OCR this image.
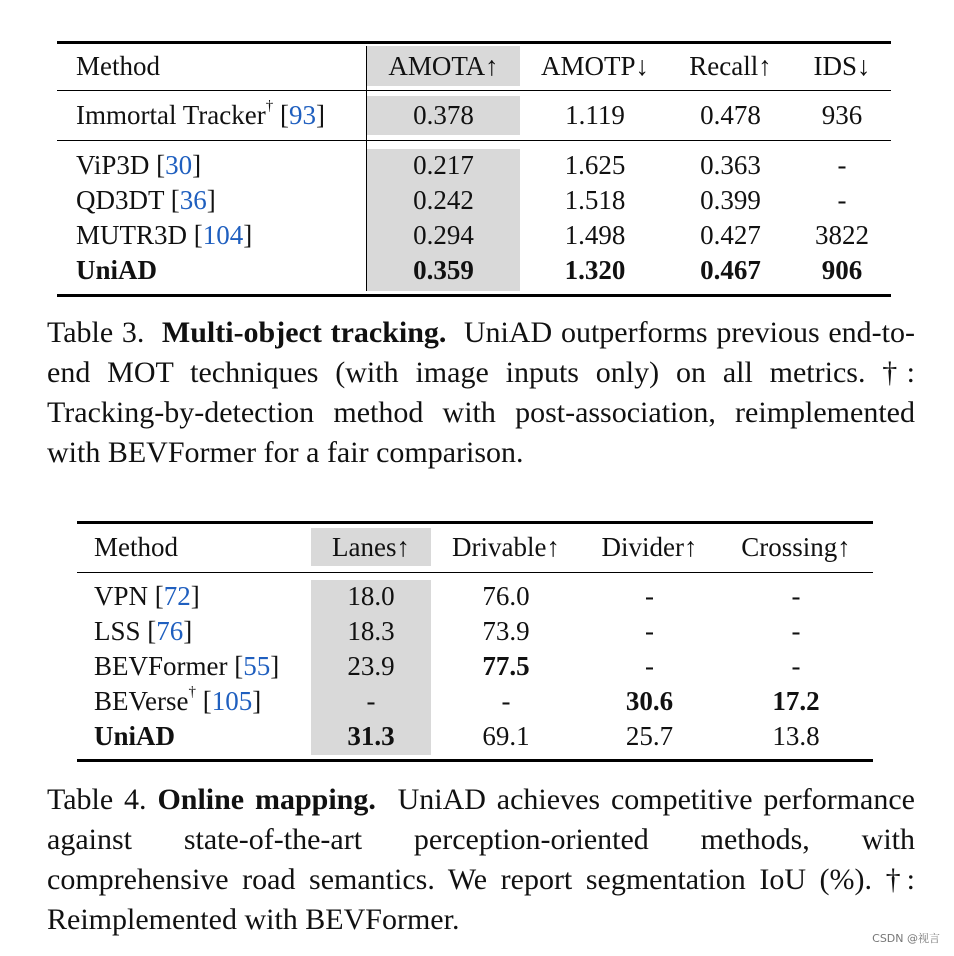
Method	AMOTA↑	AMOTP↓	Recall↑	IDS↓
Immortal Tracker† [93]	0.378	1.119	0.478	936
ViP3D [30]	0.217	1.625	0.363	-
QD3DT [36]	0.242	1.518	0.399	-
MUTR3D [104]	0.294	1.498	0.427	3822
UniAD	0.359	1.320	0.467	906
Table 3. Multi-object tracking. UniAD outperforms previous end-to-end MOT techniques (with image inputs only) on all metrics. †: Tracking-by-detection method with post-association, reimplemented with BEVFormer for a fair comparison.
Method	Lanes↑	Drivable↑	Divider↑	Crossing↑
VPN [72]	18.0	76.0	-	-
LSS [76]	18.3	73.9	-	-
BEVFormer [55]	23.9	77.5	-	-
BEVerse† [105]	-	-	30.6	17.2
UniAD	31.3	69.1	25.7	13.8
Table 4. Online mapping. UniAD achieves competitive performance against state-of-the-art perception-oriented methods, with comprehensive road semantics. We report segmentation IoU (%). †: Reimplemented with BEVFormer.
CSDN @视言
